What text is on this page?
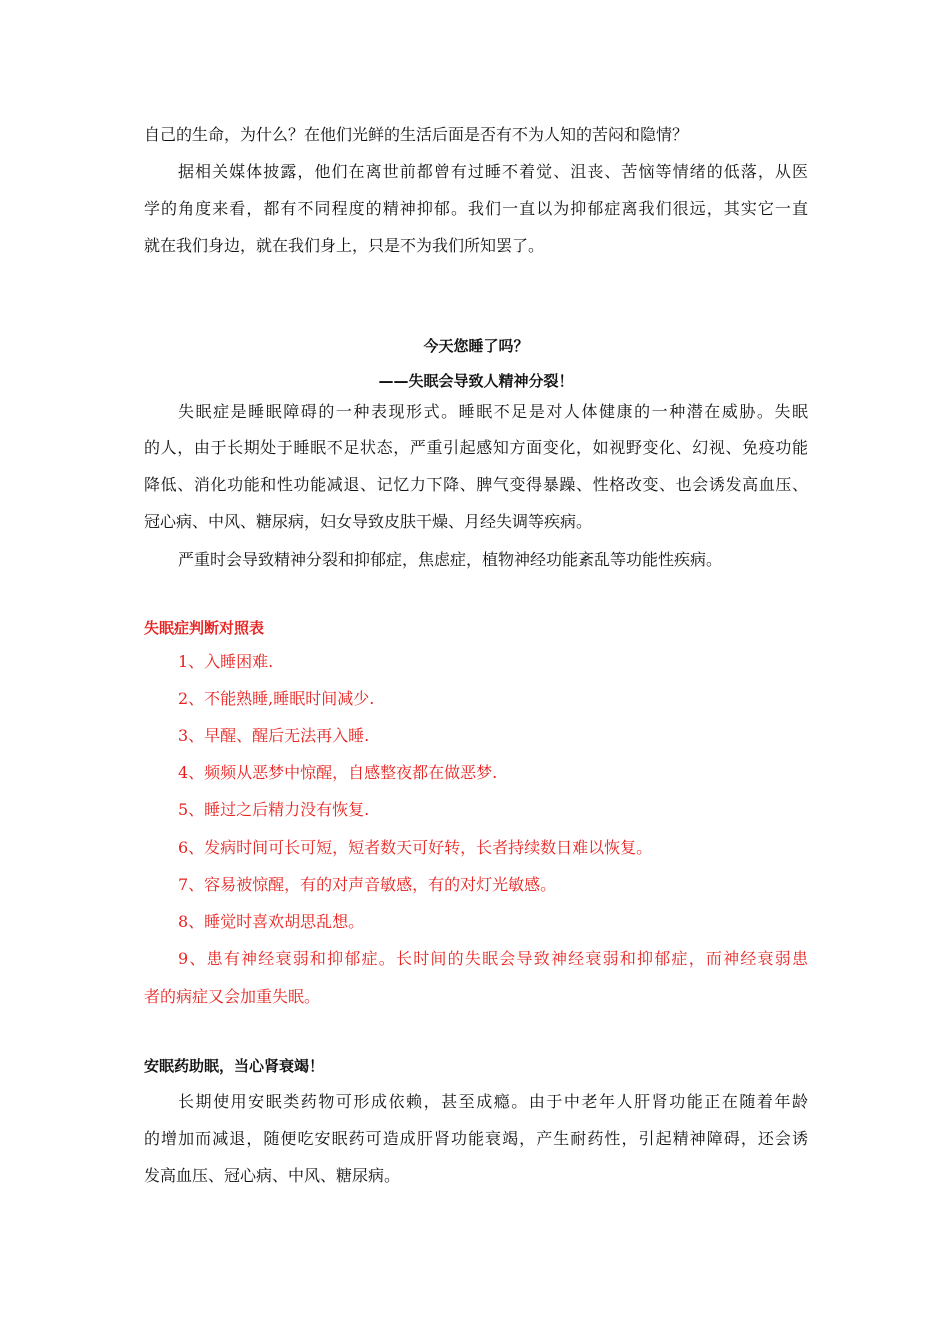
自己的生命，为什么？在他们光鲜的生活后面是否有不为人知的苦闷和隐情？
据相关媒体披露，他们在离世前都曾有过睡不着觉、沮丧、苦恼等情绪的低落，从医
学的角度来看，都有不同程度的精神抑郁。我们一直以为抑郁症离我们很远，其实它一直
就在我们身边，就在我们身上，只是不为我们所知罢了。
今天您睡了吗？
——失眠会导致人精神分裂！
失眠症是睡眠障碍的一种表现形式。睡眠不足是对人体健康的一种潜在威胁。失眠
的人，由于长期处于睡眠不足状态，严重引起感知方面变化，如视野变化、幻视、免疫功能
降低、消化功能和性功能减退、记忆力下降、脾气变得暴躁、性格改变、也会诱发高血压、
冠心病、中风、糖尿病，妇女导致皮肤干燥、月经失调等疾病。
严重时会导致精神分裂和抑郁症，焦虑症，植物神经功能紊乱等功能性疾病。
失眠症判断对照表
1、入睡困难.
2、不能熟睡,睡眠时间减少.
3、早醒、醒后无法再入睡.
4、频频从恶梦中惊醒，自感整夜都在做恶梦.
5、睡过之后精力没有恢复.
6、发病时间可长可短，短者数天可好转，长者持续数日难以恢复。
7、容易被惊醒，有的对声音敏感，有的对灯光敏感。
8、睡觉时喜欢胡思乱想。
9、患有神经衰弱和抑郁症。长时间的失眠会导致神经衰弱和抑郁症，而神经衰弱患
者的病症又会加重失眠。
安眠药助眠，当心肾衰竭！
长期使用安眠类药物可形成依赖，甚至成瘾。由于中老年人肝肾功能正在随着年龄
的增加而减退，随便吃安眠药可造成肝肾功能衰竭，产生耐药性，引起精神障碍，还会诱
发高血压、冠心病、中风、糖尿病。
